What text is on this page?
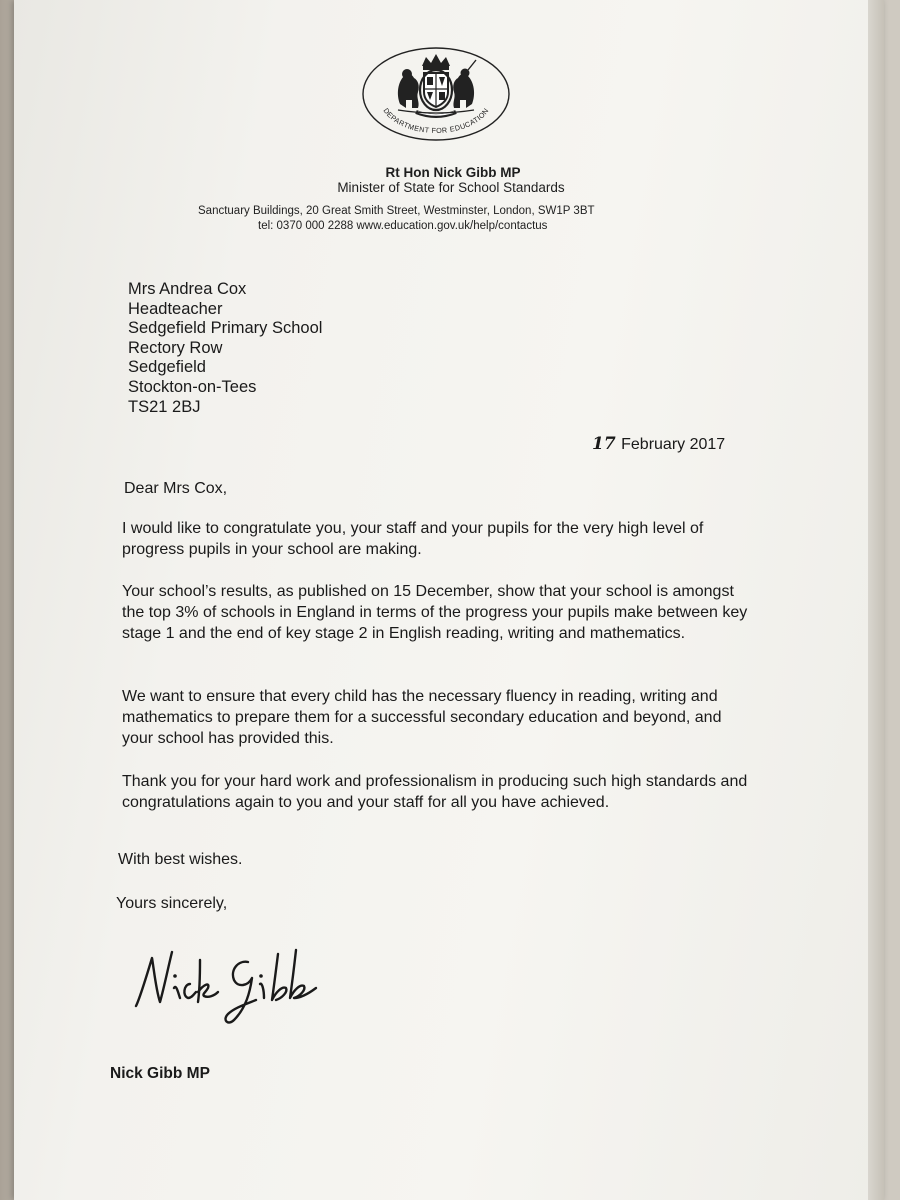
DEPARTMENT FOR EDUCATION
Rt Hon Nick Gibb MP
Minister of State for School Standards
Sanctuary Buildings, 20 Great Smith Street, Westminster, London, SW1P 3BT
tel: 0370 000 2288 www.education.gov.uk/help/contactus
Mrs Andrea Cox
Headteacher
Sedgefield Primary School
Rectory Row
Sedgefield
Stockton-on-Tees
TS21 2BJ
17 February 2017
Dear Mrs Cox,
I would like to congratulate you, your staff and your pupils for the very high level of progress pupils in your school are making.
Your school’s results, as published on 15 December, show that your school is amongst the top 3% of schools in England in terms of the progress your pupils make between key stage 1 and the end of key stage 2 in English reading, writing and mathematics.
We want to ensure that every child has the necessary fluency in reading, writing and mathematics to prepare them for a successful secondary education and beyond, and your school has provided this.
Thank you for your hard work and professionalism in producing such high standards and congratulations again to you and your staff for all you have achieved.
With best wishes.
Yours sincerely,
Nick Gibb MP
